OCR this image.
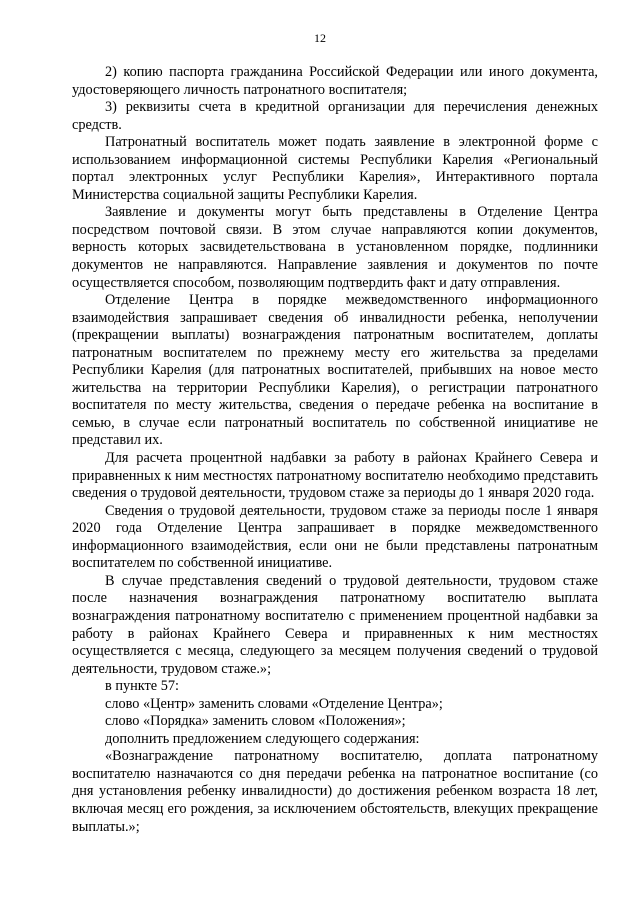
12

2) копию паспорта гражданина Российской Федерации или иного документа, удостоверяющего личность патронатного воспитателя;

3) реквизиты счета в кредитной организации для перечисления денежных средств.

Патронатный воспитатель может подать заявление в электронной форме с использованием информационной системы Республики Карелия «Региональный портал электронных услуг Республики Карелия», Интерактивного портала Министерства социальной защиты Республики Карелия.

Заявление и документы могут быть представлены в Отделение Центра посредством почтовой связи. В этом случае направляются копии документов, верность которых засвидетельствована в установленном порядке, подлинники документов не направляются. Направление заявления и документов по почте осуществляется способом, позволяющим подтвердить факт и дату отправления.

Отделение Центра в порядке межведомственного информационного взаимодействия запрашивает сведения об инвалидности ребенка, неполучении (прекращении выплаты) вознаграждения патронатным воспитателем, доплаты патронатным воспитателем по прежнему месту его жительства за пределами Республики Карелия (для патронатных воспитателей, прибывших на новое место жительства на территории Республики Карелия), о регистрации патронатного воспитателя по месту жительства, сведения о передаче ребенка на воспитание в семью, в случае если патронатный воспитатель по собственной инициативе не представил их.

Для расчета процентной надбавки за работу в районах Крайнего Севера и приравненных к ним местностях патронатному воспитателю необходимо представить сведения о трудовой деятельности, трудовом стаже за периоды до 1 января 2020 года.

Сведения о трудовой деятельности, трудовом стаже за периоды после 1 января 2020 года Отделение Центра запрашивает в порядке межведомственного информационного взаимодействия, если они не были представлены патронатным воспитателем по собственной инициативе.

В случае представления сведений о трудовой деятельности, трудовом стаже после назначения вознаграждения патронатному воспитателю выплата вознаграждения патронатному воспитателю с применением процентной надбавки за работу в районах Крайнего Севера и приравненных к ним местностях осуществляется с месяца, следующего за месяцем получения сведений о трудовой деятельности, трудовом стаже.»;

в пункте 57:

слово «Центр» заменить словами «Отделение Центра»;

слово «Порядка» заменить словом «Положения»;

дополнить предложением следующего содержания:

«Вознаграждение патронатному воспитателю, доплата патронатному воспитателю назначаются со дня передачи ребенка на патронатное воспитание (со дня установления ребенку инвалидности) до достижения ребенком возраста 18 лет, включая месяц его рождения, за исключением обстоятельств, влекущих прекращение выплаты.»;
